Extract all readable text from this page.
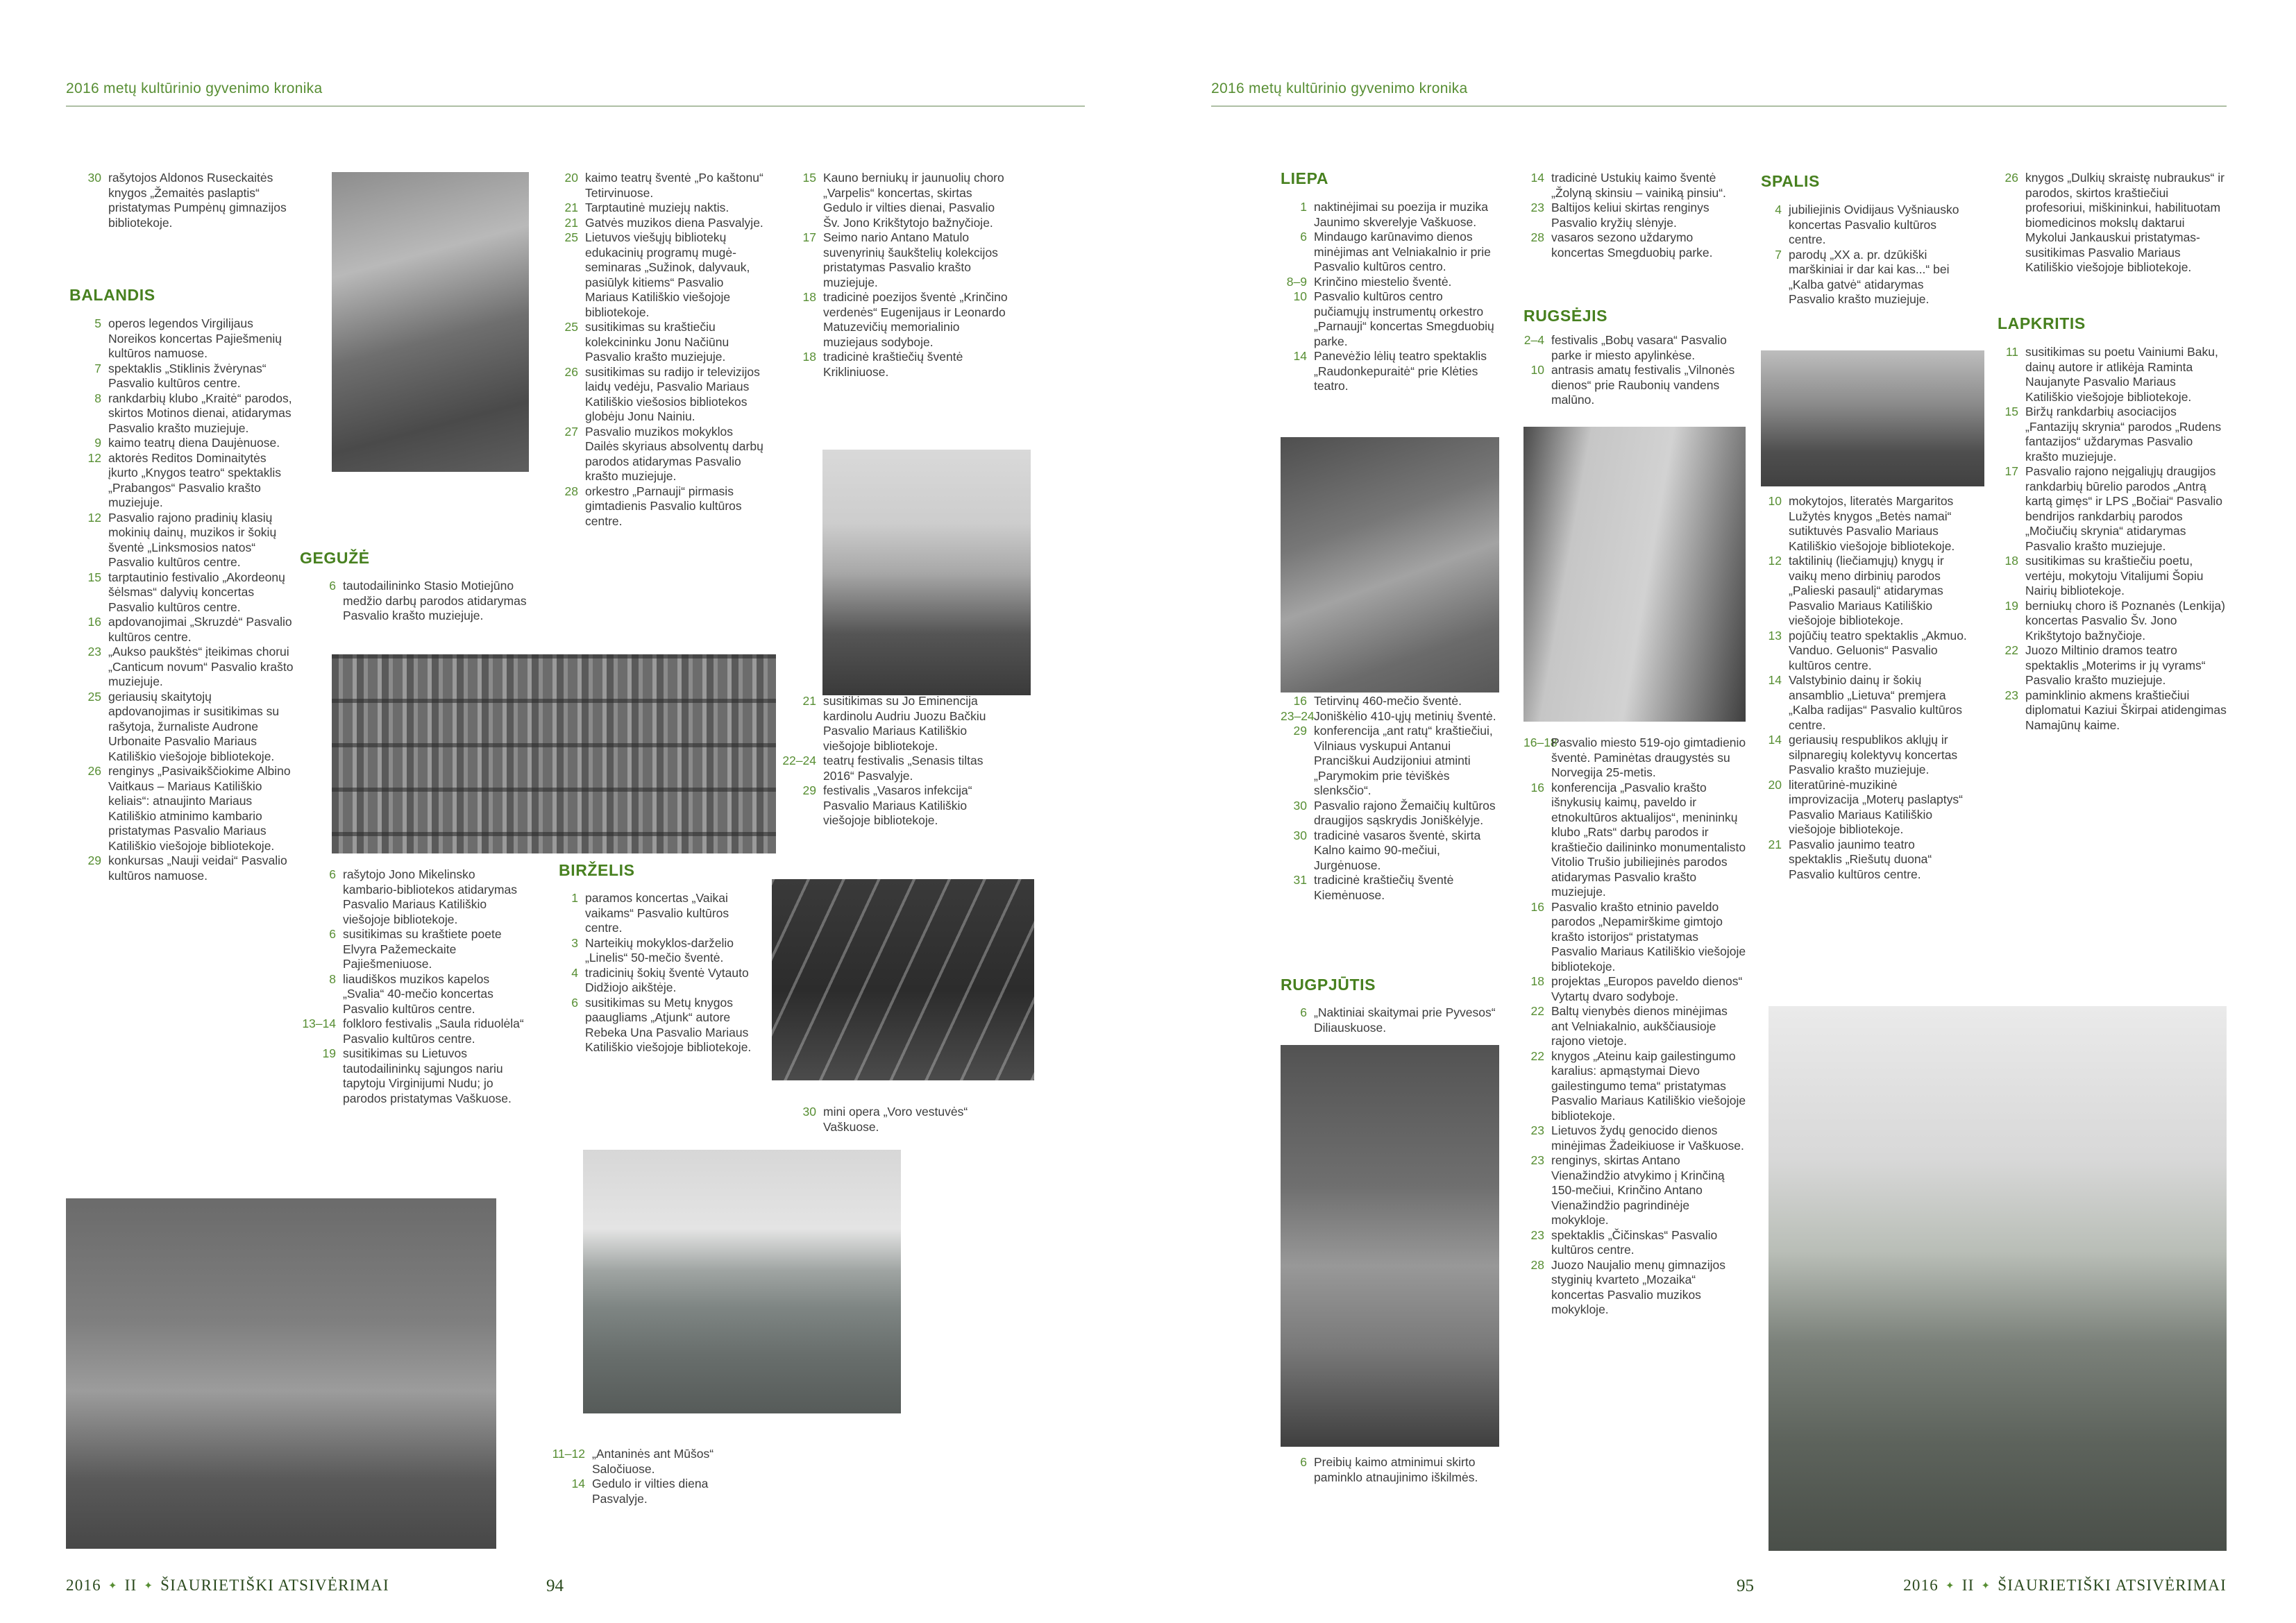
2016 metų kultūrinio gyvenimo kronika
30 rašytojos Aldonos Ruseckaitės knygos „Žemaitės paslaptis“ pristatymas Pumpėnų gimnazijos bibliotekoje.
BALANDIS
5 operos legendos Virgilijaus Noreikos koncertas Pajiešmenių kultūros namuose.
7 spektaklis „Stiklinis žvėrynas“ Pasvalio kultūros centre.
8 rankdarbių klubo „Kraitė“ parodos, skirtos Motinos dienai, atidarymas Pasvalio krašto muziejuje.
9 kaimo teatrų diena Daujėnuose.
12 aktorės Reditos Dominaitytės įkurto „Knygos teatro“ spektaklis „Prabangos“ Pasvalio krašto muziejuje.
12 Pasvalio rajono pradinių klasių mokinių dainų, muzikos ir šokių šventė „Linksmosios natos“ Pasvalio kultūros centre.
15 tarptautinio festivalio „Akordeonų šėlsmas“ dalyvių koncertas Pasvalio kultūros centre.
16 apdovanojimai „Skruzdė“ Pasvalio kultūros centre.
23 „Aukso paukštės“ įteikimas chorui „Canticum novum“ Pasvalio krašto muziejuje.
25 geriausių skaitytojų apdovanojimas ir susitikimas su rašytoja, žurnaliste Audrone Urbonaite Pasvalio Mariaus Katiliškio viešojoje bibliotekoje.
26 renginys „Pasivaikščiokime Albino Vaitkaus – Mariaus Katiliškio keliais“: atnaujinto Mariaus Katiliškio atminimo kambario pristatymas Pasvalio Mariaus Katiliškio viešojoje bibliotekoje.
29 konkursas „Nauji veidai“ Pasvalio kultūros namuose.
GEGUŽĖ
6 tautodailininko Stasio Motiejūno medžio darbų parodos atidarymas Pasvalio krašto muziejuje.
6 rašytojo Jono Mikelinsko kambario-bibliotekos atidarymas Pasvalio Mariaus Katiliškio viešojoje bibliotekoje.
6 susitikimas su kraštiete poete Elvyra Pažemeckaite Pajiešmeniuose.
8 liaudiškos muzikos kapelos „Svalia“ 40-mečio koncertas Pasvalio kultūros centre.
13–14 folkloro festivalis „Saula riduolėla“ Pasvalio kultūros centre.
19 susitikimas su Lietuvos tautodailininkų sąjungos nariu tapytoju Virginijumi Nudu; jo parodos pristatymas Vaškuose.
20 kaimo teatrų šventė „Po kaštonu“ Tetirvinuose.
21 Tarptautinė muziejų naktis.
21 Gatvės muzikos diena Pasvalyje.
25 Lietuvos viešųjų bibliotekų edukacinių programų mugė-seminaras „Sužinok, dalyvauk, pasiūlyk kitiems“ Pasvalio Mariaus Katiliškio viešojoje bibliotekoje.
25 susitikimas su kraštiečiu kolekcininku Jonu Načiūnu Pasvalio krašto muziejuje.
26 susitikimas su radijo ir televizijos laidų vedėju, Pasvalio Mariaus Katiliškio viešosios bibliotekos globėju Jonu Nainiu.
27 Pasvalio muzikos mokyklos Dailės skyriaus absolventų darbų parodos atidarymas Pasvalio krašto muziejuje.
28 orkestro „Parnauji“ pirmasis gimtadienis Pasvalio kultūros centre.
BIRŽELIS
1 paramos koncertas „Vaikai vaikams“ Pasvalio kultūros centre.
3 Narteikių mokyklos-darželio „Linelis“ 50-mečio šventė.
4 tradicinių šokių šventė Vytauto Didžiojo aikštėje.
6 susitikimas su Metų knygos paaugliams „Atjunk“ autore Rebeka Una Pasvalio Mariaus Katiliškio viešojoje bibliotekoje.
11–12 „Antaninės ant Mūšos“ Saločiuose.
14 Gedulo ir vilties diena Pasvalyje.
15 Kauno berniukų ir jaunuolių choro „Varpelis“ koncertas, skirtas Gedulo ir vilties dienai, Pasvalio Šv. Jono Krikštytojo bažnyčioje.
17 Seimo nario Antano Matulo suvenyrinių šaukštelių kolekcijos pristatymas Pasvalio krašto muziejuje.
18 tradicinė poezijos šventė „Krinčino verdenės“ Eugenijaus ir Leonardo Matuzevičių memorialinio muziejaus sodyboje.
18 tradicinė kraštiečių šventė Krikliniuose.
21 susitikimas su Jo Eminencija kardinolu Audriu Juozu Bačkiu Pasvalio Mariaus Katiliškio viešojoje bibliotekoje.
22–24 teatrų festivalis „Senasis tiltas 2016“ Pasvalyje.
29 festivalis „Vasaros infekcija“ Pasvalio Mariaus Katiliškio viešojoje bibliotekoje.
30 mini opera „Voro vestuvės“ Vaškuose.
2016 ✦ II ✦ ŠIAURIETIŠKI ATSIVĖRIMAI	94
2016 metų kultūrinio gyvenimo kronika
LIEPA
1 naktinėjimai su poezija ir muzika Jaunimo skverelyje Vaškuose.
6 Mindaugo karūnavimo dienos minėjimas ant Velniakalnio ir prie Pasvalio kultūros centro.
8–9 Krinčino miestelio šventė.
10 Pasvalio kultūros centro pučiamųjų instrumentų orkestro „Parnauji“ koncertas Smegduobių parke.
14 Panevėžio lėlių teatro spektaklis „Raudonkepuraitė“ prie Klėties teatro.
16 Tetirvinų 460-mečio šventė.
23–24 Joniškėlio 410-ųjų metinių šventė.
29 konferencija „ant ratų“ kraštiečiui, Vilniaus vyskupui Antanui Pranciškui Audzijoniui atminti „Parymokim prie tėviškės slenksčio“.
30 Pasvalio rajono Žemaičių kultūros draugijos sąskrydis Joniškėlyje.
30 tradicinė vasaros šventė, skirta Kalno kaimo 90-mečiui, Jurgėnuose.
31 tradicinė kraštiečių šventė Kiemėnuose.
RUGPJŪTIS
6 „Naktiniai skaitymai prie Pyvesos“ Diliauskuose.
6 Preibių kaimo atminimui skirto paminklo atnaujinimo iškilmės.
14 tradicinė Ustukių kaimo šventė „Žolyną skinsiu – vainiką pinsiu“.
23 Baltijos keliui skirtas renginys Pasvalio kryžių slėnyje.
28 vasaros sezono uždarymo koncertas Smegduobių parke.
RUGSĖJIS
2–4 festivalis „Bobų vasara“ Pasvalio parke ir miesto apylinkėse.
10 antrasis amatų festivalis „Vilnonės dienos“ prie Raubonių vandens malūno.
16–18
Pasvalio miesto 519-ojo gimtadienio šventė. Paminėtas draugystės su Norvegija 25-metis.
16 konferencija „Pasvalio krašto išnykusių kaimų, paveldo ir etnokultūros aktualijos“, menininkų klubo „Rats“ darbų parodos ir kraštiečio dailininko monumentalisto Vitolio Trušio jubiliejinės parodos atidarymas Pasvalio krašto muziejuje.
16 Pasvalio krašto etninio paveldo parodos „Nepamirškime gimtojo krašto istorijos“ pristatymas Pasvalio Mariaus Katiliškio viešojoje bibliotekoje.
18 projektas „Europos paveldo dienos“ Vytartų dvaro sodyboje.
22 Baltų vienybės dienos minėjimas ant Velniakalnio, aukščiausioje rajono vietoje.
22 knygos „Ateinu kaip gailestingumo karalius: apmąstymai Dievo gailestingumo tema“ pristatymas Pasvalio Mariaus Katiliškio viešojoje bibliotekoje.
23 Lietuvos žydų genocido dienos minėjimas Žadeikiuose ir Vaškuose.
23 renginys, skirtas Antano Vienažindžio atvykimo į Krinčiną 150-mečiui, Krinčino Antano Vienažindžio pagrindinėje mokykloje.
23 spektaklis „Čičinskas“ Pasvalio kultūros centre.
28 Juozo Naujalio menų gimnazijos styginių kvarteto „Mozaika“ koncertas Pasvalio muzikos mokykloje.
SPALIS
4 jubiliejinis Ovidijaus Vyšniausko koncertas Pasvalio kultūros centre.
7 parodų „XX a. pr. dzūkiški marškiniai ir dar kai kas...“ bei „Kalba gatvė“ atidarymas Pasvalio krašto muziejuje.
10 mokytojos, literatės Margaritos Lužytės knygos „Betės namai“ sutiktuvės Pasvalio Mariaus Katiliškio viešojoje bibliotekoje.
12 taktilinių (liečiamųjų) knygų ir vaikų meno dirbinių parodos „Palieski pasaulį“ atidarymas Pasvalio Mariaus Katiliškio viešojoje bibliotekoje.
13 pojūčių teatro spektaklis „Akmuo. Vanduo. Geluonis“ Pasvalio kultūros centre.
14 Valstybinio dainų ir šokių ansamblio „Lietuva“ premjera „Kalba radijas“ Pasvalio kultūros centre.
14 geriausių respublikos aklųjų ir silpnaregių kolektyvų koncertas Pasvalio krašto muziejuje.
20 literatūrinė-muzikinė improvizacija „Moterų paslaptys“ Pasvalio Mariaus Katiliškio viešojoje bibliotekoje.
21 Pasvalio jaunimo teatro spektaklis „Riešutų duona“ Pasvalio kultūros centre.
26 knygos „Dulkių skraistę nubraukus“ ir parodos, skirtos kraštiečiui profesoriui, miškininkui, habilituotam biomedicinos mokslų daktarui Mykolui Jankauskui pristatymas-susitikimas Pasvalio Mariaus Katiliškio viešojoje bibliotekoje.
LAPKRITIS
11 susitikimas su poetu Vainiumi Baku, dainų autore ir atlikėja Raminta Naujanyte Pasvalio Mariaus Katiliškio viešojoje bibliotekoje.
15 Biržų rankdarbių asociacijos „Fantazijų skrynia“ parodos „Rudens fantazijos“ uždarymas Pasvalio krašto muziejuje.
17 Pasvalio rajono neįgaliųjų draugijos rankdarbių būrelio parodos „Antrą kartą gimęs“ ir LPS „Bočiai“ Pasvalio bendrijos rankdarbių parodos „Močiučių skrynia“ atidarymas Pasvalio krašto muziejuje.
18 susitikimas su kraštiečiu poetu, vertėju, mokytoju Vitalijumi Šopiu Nairių bibliotekoje.
19 berniukų choro iš Poznanės (Lenkija) koncertas Pasvalio Šv. Jono Krikštytojo bažnyčioje.
22 Juozo Miltinio dramos teatro spektaklis „Moterims ir jų vyrams“ Pasvalio krašto muziejuje.
23 paminklinio akmens kraštiečiui diplomatui Kaziui Škirpai atidengimas Namajūnų kaime.
95	2016 ✦ II ✦ ŠIAURIETIŠKI ATSIVĖRIMAI
